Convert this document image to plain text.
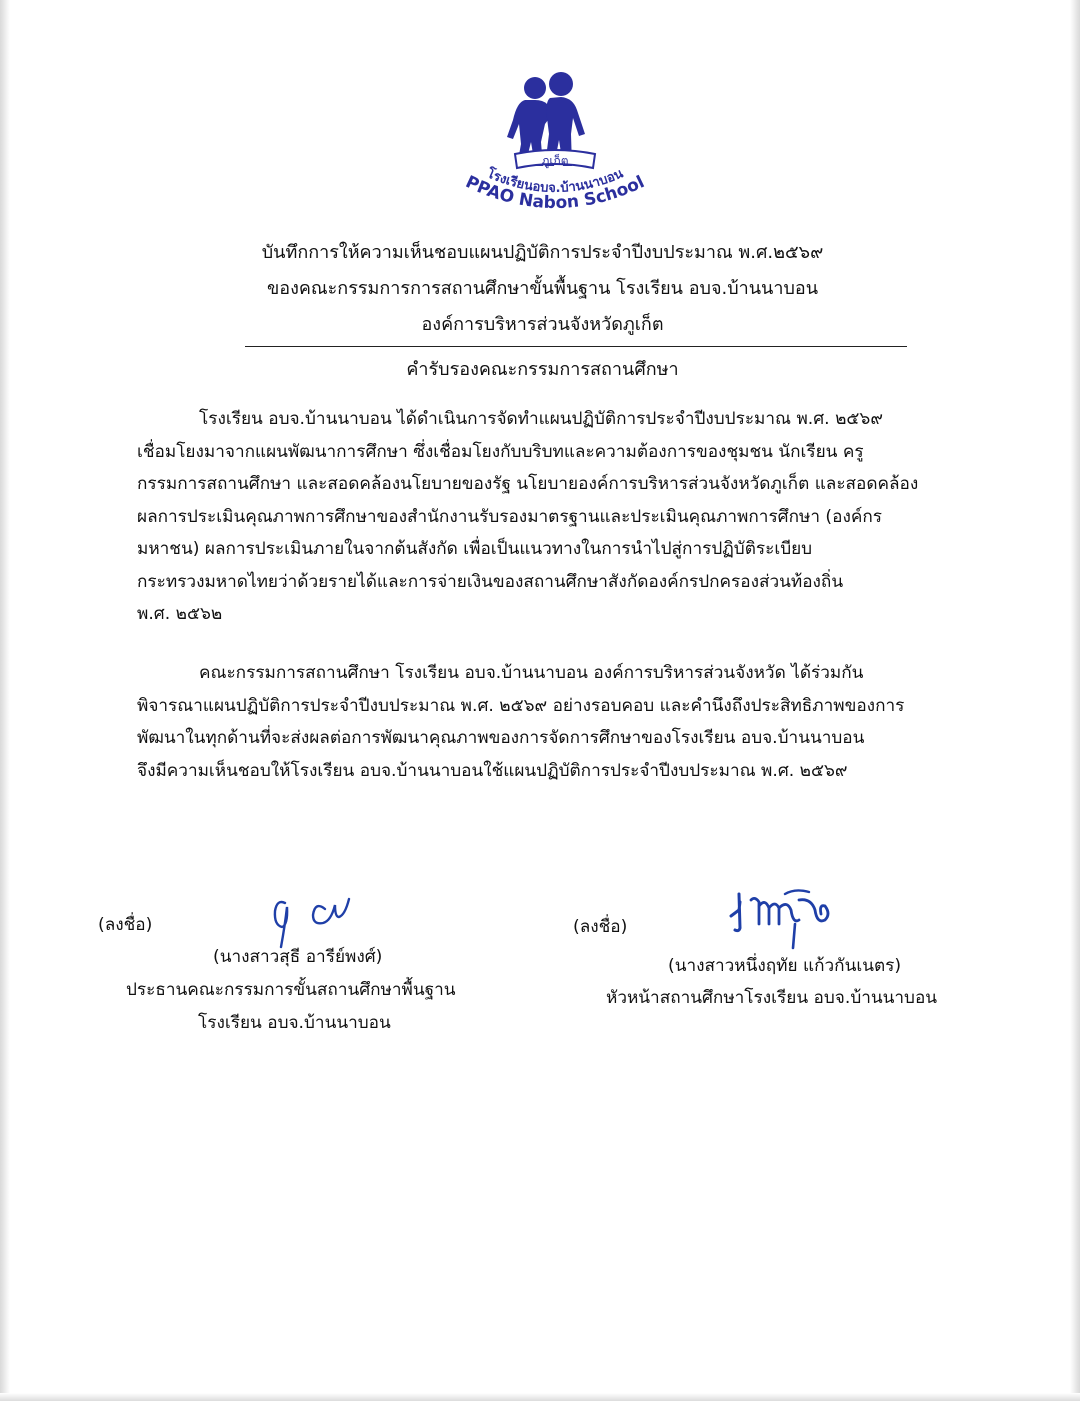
ภูเก็ต
โรงเรียนอบจ.บ้านนาบอน
PPAO Nabon School
บันทึกการให้ความเห็นชอบแผนปฏิบัติการประจำปีงบประมาณ พ.ศ.๒๕๖๙
ของคณะกรรมการการสถานศึกษาขั้นพื้นฐาน โรงเรียน อบจ.บ้านนาบอน
องค์การบริหารส่วนจังหวัดภูเก็ต
คำรับรองคณะกรรมการสถานศึกษา
โรงเรียน อบจ.บ้านนาบอน ได้ดำเนินการจัดทำแผนปฏิบัติการประจำปีงบประมาณ พ.ศ. ๒๕๖๙
เชื่อมโยงมาจากแผนพัฒนาการศึกษา ซึ่งเชื่อมโยงกับบริบทและความต้องการของชุมชน นักเรียน ครู
กรรมการสถานศึกษา และสอดคล้องนโยบายของรัฐ นโยบายองค์การบริหารส่วนจังหวัดภูเก็ต และสอดคล้อง
ผลการประเมินคุณภาพการศึกษาของสำนักงานรับรองมาตรฐานและประเมินคุณภาพการศึกษา (องค์กร
มหาชน) ผลการประเมินภายในจากต้นสังกัด เพื่อเป็นแนวทางในการนำไปสู่การปฏิบัติระเบียบ
กระทรวงมหาดไทยว่าด้วยรายได้และการจ่ายเงินของสถานศึกษาสังกัดองค์กรปกครองส่วนท้องถิ่น
พ.ศ. ๒๕๖๒
คณะกรรมการสถานศึกษา โรงเรียน อบจ.บ้านนาบอน องค์การบริหารส่วนจังหวัด ได้ร่วมกัน
พิจารณาแผนปฏิบัติการประจำปีงบประมาณ พ.ศ. ๒๕๖๙ อย่างรอบคอบ และคำนึงถึงประสิทธิภาพของการ
พัฒนาในทุกด้านที่จะส่งผลต่อการพัฒนาคุณภาพของการจัดการศึกษาของโรงเรียน อบจ.บ้านนาบอน
จึงมีความเห็นชอบให้โรงเรียน อบจ.บ้านนาบอนใช้แผนปฏิบัติการประจำปีงบประมาณ พ.ศ. ๒๕๖๙
(ลงชื่อ)
(นางสาวสุธี อารีย์พงศ์)
ประธานคณะกรรมการขั้นสถานศึกษาพื้นฐาน
โรงเรียน อบจ.บ้านนาบอน
(ลงชื่อ)
(นางสาวหนึ่งฤทัย แก้วกันเนตร)
หัวหน้าสถานศึกษาโรงเรียน อบจ.บ้านนาบอน
